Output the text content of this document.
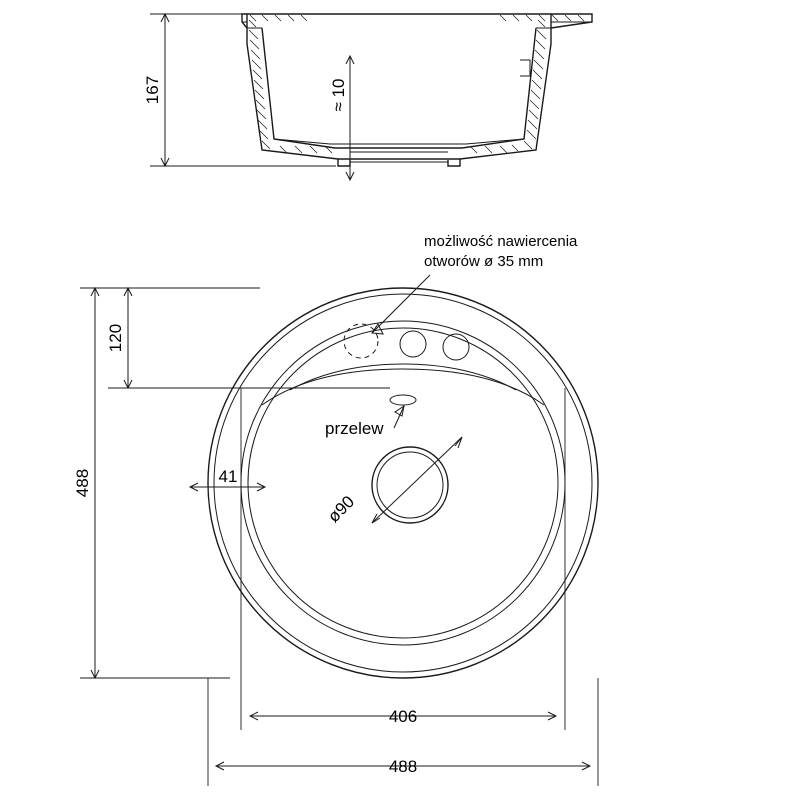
167	≈ 10
możliwość nawiercenia
otworów ø 35 mm
przelew
ø90
41
120
488
406
488
